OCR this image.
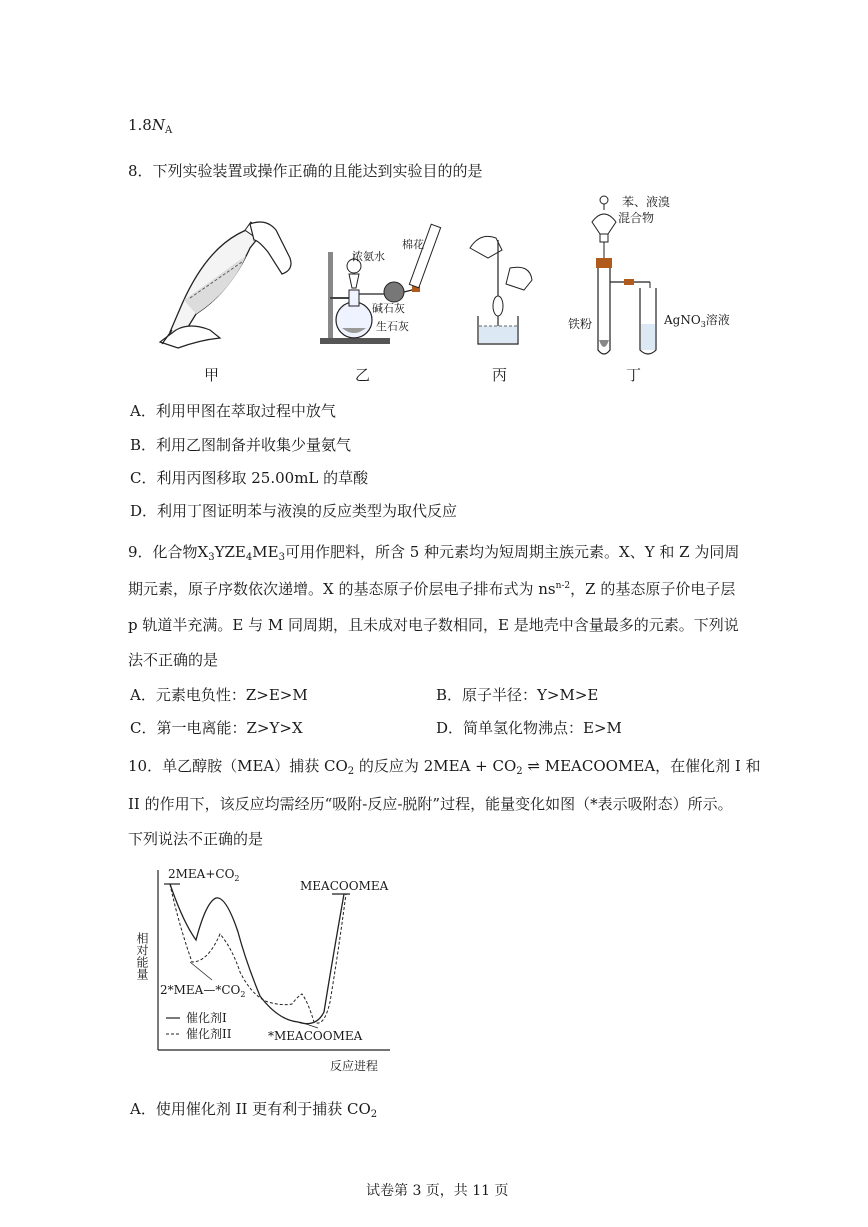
$1.8N_A$
8．下列实验装置或操作正确的且能达到实验目的的是
甲
浓氨水
棉花
碱石灰
生石灰
乙	丙
苯、液溴
混合物
铁粉	AgNO$_3$溶液
丁
A．利用甲图在萃取过程中放气
B．利用乙图制备并收集少量氨气
C．利用丙图移取 25.00mL 的草酸
D．利用丁图证明苯与液溴的反应类型为取代反应
9．化合物$X_3YZE_4ME_3$可用作肥料，所含 5 种元素均为短周期主族元素。X、Y 和 Z 为同周
期元素，原子序数依次递增。X 的基态原子价层电子排布式为 $ns^{n-2}$，Z 的基态原子价电子层
p 轨道半充满。E 与 M 同周期，且未成对电子数相同，E 是地壳中含量最多的元素。下列说
法不正确的是
A．元素电负性：Z>E>M	B．原子半径：Y>M>E
C．第一电离能：Z>Y>X	D．简单氢化物沸点：E>M
10．单乙醇胺（MEA）捕获 $CO_2$ 的反应为 $2MEA + CO_2$ ⇌ MEACOOMEA，在催化剂 I 和
II 的作用下，该反应均需经历“吸附-反应-脱附”过程，能量变化如图（*表示吸附态）所示。
下列说法不正确的是
相对能量
反应进程
$2MEA+CO_2$
$2*MEA—*CO_2$
*MEACOOMEA
MEACOOMEA
催化剂I
催化剂II
A．使用催化剂 II 更有利于捕获 $CO_2$
试卷第 3 页，共 11 页
